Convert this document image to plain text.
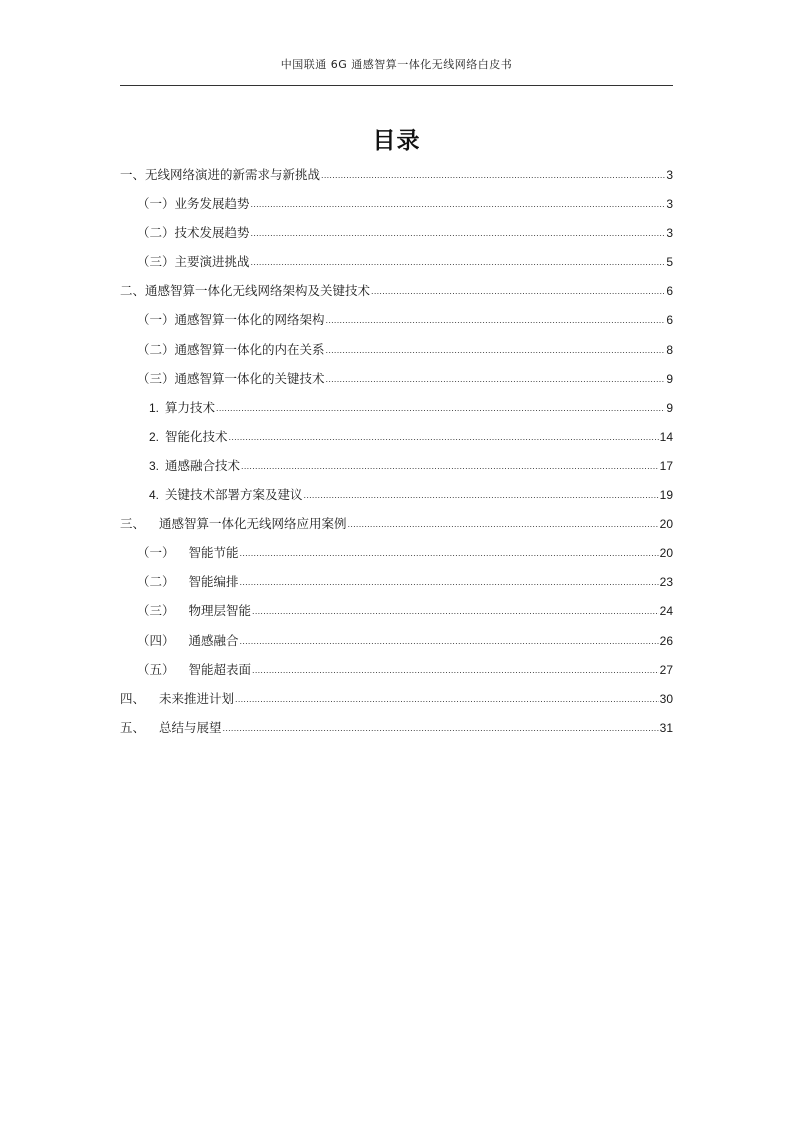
中国联通 6G 通感智算一体化无线网络白皮书
目录
一、无线网络演进的新需求与新挑战 .....	3
（一）业务发展趋势 .....	3
（二）技术发展趋势 .....	3
（三）主要演进挑战 .....	5
二、通感智算一体化无线网络架构及关键技术 .....	6
（一）通感智算一体化的网络架构 .....	6
（二）通感智算一体化的内在关系 .....	8
（三）通感智算一体化的关键技术 .....	9
1. 算力技术 .....	9
2. 智能化技术 .....	14
3. 通感融合技术 .....	17
4. 关键技术部署方案及建议 .....	19
三、 通感智算一体化无线网络应用案例 .....	20
（一） 智能节能 .....	20
（二） 智能编排 .....	23
（三） 物理层智能 .....	24
（四） 通感融合 .....	26
（五） 智能超表面 .....	27
四、 未来推进计划 .....	30
五、 总结与展望 .....	31
